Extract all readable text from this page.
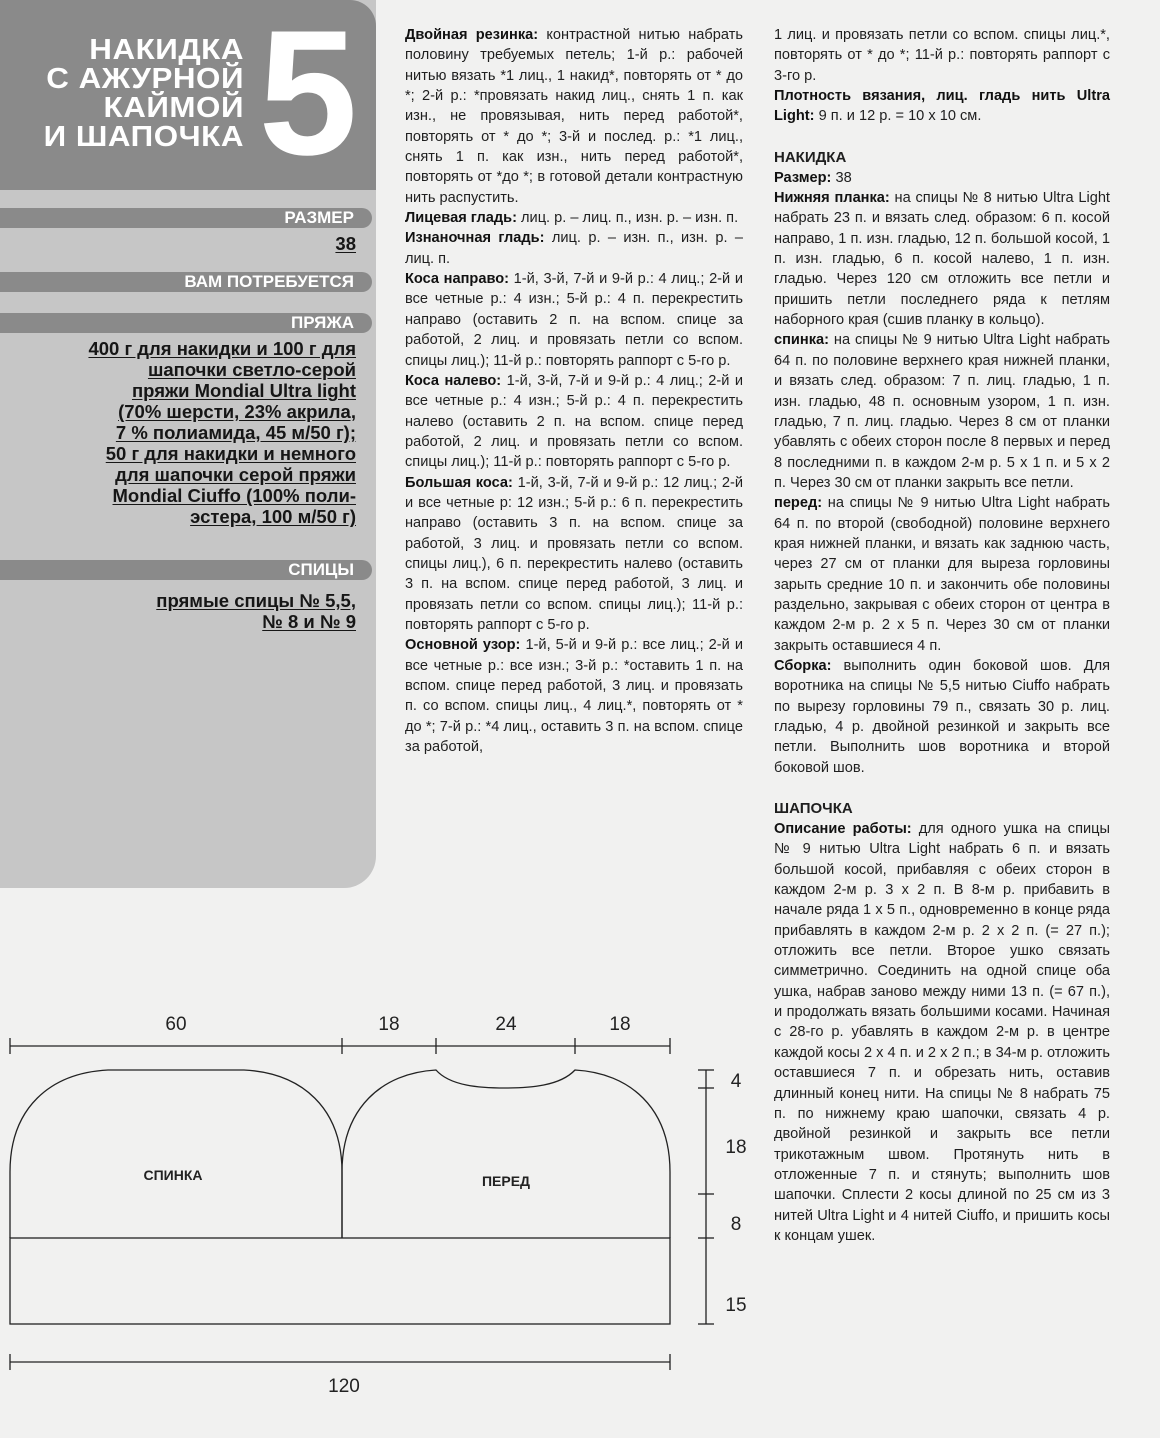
НАКИДКА
С АЖУРНОЙ
КАЙМОЙ
И ШАПОЧКА 5
РАЗМЕР
38
ВАМ ПОТРЕБУЕТСЯ
ПРЯЖА
400 г для накидки и 100 г для
шапочки светло-серой
пряжи Mondial Ultra light
(70% шерсти, 23% акрила,
7 % полиамида, 45 м/50 г);
50 г для накидки и немного
для шапочки серой пряжи
Mondial Ciuffo (100% поли-
эстера, 100 м/50 г)
СПИЦЫ
прямые спицы № 5,5,
№ 8 и № 9

Двойная резинка: контрастной нитью набрать половину требуемых петель; 1-й р.: рабочей нитью вязать *1 лиц., 1 накид*, повторять от * до *; 2-й р.: *провязать накид лиц., снять 1 п. как изн., не провязывая, нить перед работой*, повторять от * до *; 3-й и послед. р.: *1 лиц., снять 1 п. как изн., нить перед работой*, повторять от *до *; в готовой детали контрастную нить распустить.

Лицевая гладь: лиц. р. – лиц. п., изн. р. – изн. п.

Изнаночная гладь: лиц. р. – изн. п., изн. р. – лиц. п.

Коса направо: 1-й, 3-й, 7-й и 9-й р.: 4 лиц.; 2-й и все четные р.: 4 изн.; 5-й р.: 4 п. перекрестить направо (оставить 2 п. на вспом. спице за работой, 2 лиц. и провязать петли со вспом. спицы лиц.); 11-й р.: повторять раппорт с 5-го р.

Коса налево: 1-й, 3-й, 7-й и 9-й р.: 4 лиц.; 2-й и все четные р.: 4 изн.; 5-й р.: 4 п. перекрестить налево (оставить 2 п. на вспом. спице перед работой, 2 лиц. и провязать петли со вспом. спицы лиц.); 11-й р.: повторять раппорт с 5-го р.

Большая коса: 1-й, 3-й, 7-й и 9-й р.: 12 лиц.; 2-й и все четные р: 12 изн.; 5-й р.: 6 п. перекрестить направо (оставить 3 п. на вспом. спице за работой, 3 лиц. и провязать петли со вспом. спицы лиц.), 6 п. перекрестить налево (оставить 3 п. на вспом. спице перед работой, 3 лиц. и провязать петли со вспом. спицы лиц.); 11-й р.: повторять раппорт с 5-го р.

Основной узор: 1-й, 5-й и 9-й р.: все лиц.; 2-й и все четные р.: все изн.; 3-й р.: *оставить 1 п. на вспом. спице перед работой, 3 лиц. и провязать п. со вспом. спицы лиц., 4 лиц.*, повторять от * до *; 7-й р.: *4 лиц., оставить 3 п. на вспом. спице за работой,

1 лиц. и провязать петли со вспом. спицы лиц.*, повторять от * до *; 11-й р.: повторять раппорт с 3-го р.

Плотность вязания, лиц. гладь нить Ultra Light: 9 п. и 12 р. = 10 х 10 см.

НАКИДКА

Размер: 38

Нижняя планка: на спицы № 8 нитью Ultra Light набрать 23 п. и вязать след. образом: 6 п. косой направо, 1 п. изн. гладью, 12 п. большой косой, 1 п. изн. гладью, 6 п. косой налево, 1 п. изн. гладью. Через 120 см отложить все петли и пришить петли последнего ряда к петлям наборного края (сшив планку в кольцо).

спинка: на спицы № 9 нитью Ultra Light набрать 64 п. по половине верхнего края нижней планки, и вязать след. образом: 7 п. лиц. гладью, 1 п. изн. гладью, 48 п. основным узором, 1 п. изн. гладью, 7 п. лиц. гладью. Через 8 см от планки убавлять с обеих сторон после 8 первых и перед 8 последними п. в каждом 2-м р. 5 х 1 п. и 5 х 2 п. Через 30 см от планки закрыть все петли.

перед: на спицы № 9 нитью Ultra Light набрать 64 п. по второй (свободной) половине верхнего края нижней планки, и вязать как заднюю часть, через 27 см от планки для выреза горловины зарыть средние 10 п. и закончить обе половины раздельно, закрывая с обеих сторон от центра в каждом 2-м р. 2 х 5 п. Через 30 см от планки закрыть оставшиеся 4 п.

Сборка: выполнить один боковой шов. Для воротника на спицы № 5,5 нитью Ciuffo набрать по вырезу горловины 79 п., связать 30 р. лиц. гладью, 4 р. двойной резинкой и закрыть все петли. Выполнить шов воротника и второй боковой шов.

ШАПОЧКА

Описание работы: для одного ушка на спицы № 9 нитью Ultra Light набрать 6 п. и вязать большой косой, прибавляя с обеих сторон в каждом 2-м р. 3 х 2 п. В 8-м р. прибавить в начале ряда 1 х 5 п., одновременно в конце ряда прибавлять в каждом 2-м р. 2 х 2 п. (= 27 п.); отложить все петли. Второе ушко связать симметрично. Соединить на одной спице оба ушка, набрав заново между ними 13 п. (= 67 п.), и продолжать вязать большими косами. Начиная с 28-го р. убавлять в каждом 2-м р. в центре каждой косы 2 х 4 п. и 2 х 2 п.; в 34-м р. отложить оставшиеся 7 п. и обрезать нить, оставив длинный конец нити. На спицы № 8 набрать 75 п. по нижнему краю шапочки, связать 4 р. двойной резинкой и закрыть все петли трикотажным швом. Протянуть нить в отложенные 7 п. и стянуть; выполнить шов шапочки. Сплести 2 косы длиной по 25 см из 3 нитей Ultra Light и 4 нитей Ciuffo, и пришить косы к концам ушек.

60	18	24	18
4
18
8
15
120
СПИНКА	ПЕРЕД
